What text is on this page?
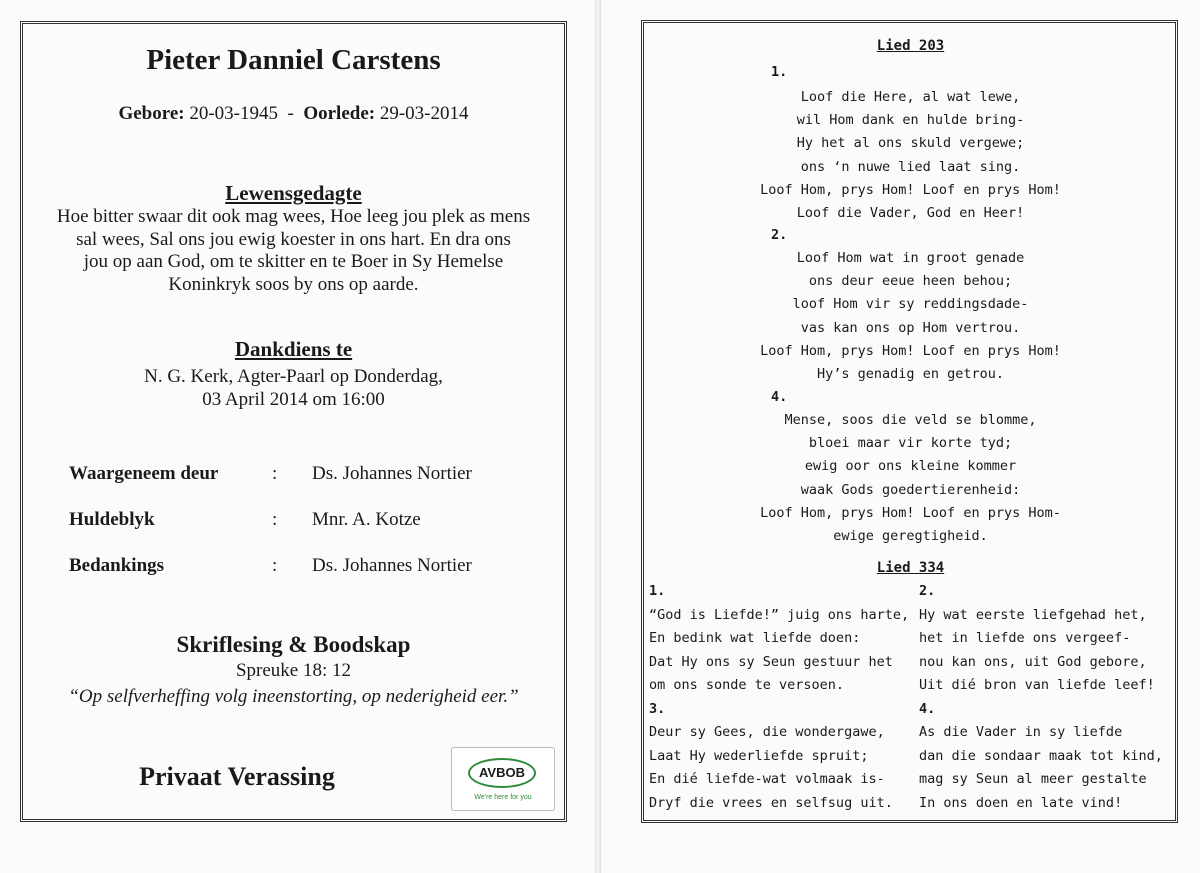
Pieter Danniel Carstens
Gebore: 20-03-1945 - Oorlede: 29-03-2014
Lewensgedagte
Hoe bitter swaar dit ook mag wees, Hoe leeg jou plek as mens
sal wees, Sal ons jou ewig koester in ons hart. En dra ons
jou op aan God, om te skitter en te Boer in Sy Hemelse
Koninkryk soos by ons op aarde.
Dankdiens te
N. G. Kerk, Agter-Paarl op Donderdag,
03 April 2014 om 16:00
Waargeneem deur	: Ds. Johannes Nortier
Huldeblyk	: Mnr. A. Kotze
Bedankings	: Ds. Johannes Nortier
Skriflesing & Boodskap
Spreuke 18: 12
“Op selfverheffing volg ineenstorting, op nederigheid eer.”
Privaat Verassing	AVBOB
We're here for you
Lied 203
1.
Loof die Here, al wat lewe,
wil Hom dank en hulde bring-
Hy het al ons skuld vergewe;
ons ‘n nuwe lied laat sing.
Loof Hom, prys Hom! Loof en prys Hom!
Loof die Vader, God en Heer!
2.
Loof Hom wat in groot genade
ons deur eeue heen behou;
loof Hom vir sy reddingsdade-
vas kan ons op Hom vertrou.
Loof Hom, prys Hom! Loof en prys Hom!
Hy’s genadig en getrou.
4.
Mense, soos die veld se blomme,
bloei maar vir korte tyd;
ewig oor ons kleine kommer
waak Gods goedertierenheid:
Loof Hom, prys Hom! Loof en prys Hom-
ewige geregtigheid.
Lied 334
1.
“God is Liefde!” juig ons harte,
En bedink wat liefde doen:
Dat Hy ons sy Seun gestuur het
om ons sonde te versoen.
3.
Deur sy Gees, die wondergawe,
Laat Hy wederliefde spruit;
En dié liefde-wat volmaak is-
Dryf die vrees en selfsug uit.
2.
Hy wat eerste liefgehad het,
het in liefde ons vergeef-
nou kan ons, uit God gebore,
Uit dié bron van liefde leef!
4.
As die Vader in sy liefde
dan die sondaar maak tot kind,
mag sy Seun al meer gestalte
In ons doen en late vind!
